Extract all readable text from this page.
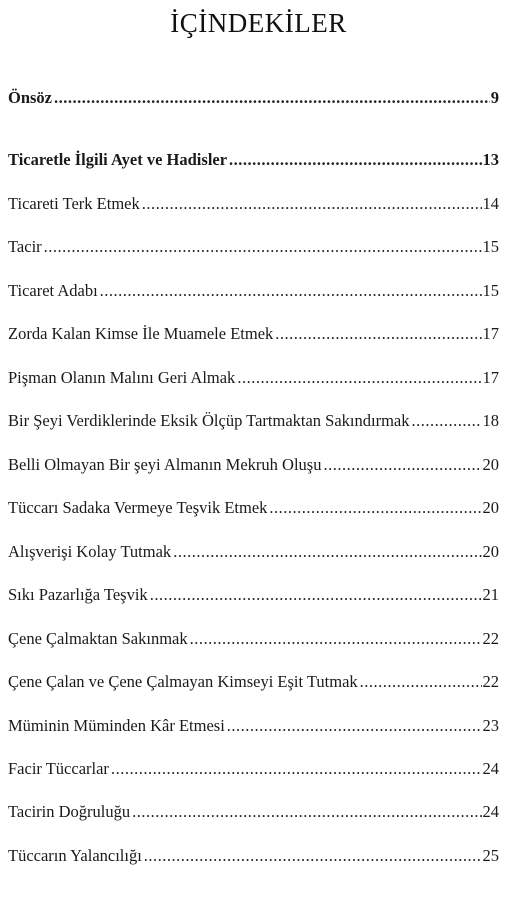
İÇİNDEKİLER
Önsöz .....	9
Ticaretle İlgili Ayet ve Hadisler .....	13
Ticareti Terk Etmek .....	14
Tacir .....	15
Ticaret Adabı .....	15
Zorda Kalan Kimse İle Muamele Etmek .....	17
Pişman Olanın Malını Geri Almak .....	17
Bir Şeyi Verdiklerinde Eksik Ölçüp Tartmaktan Sakındırmak .....	18
Belli Olmayan Bir şeyi Almanın Mekruh Oluşu .....	20
Tüccarı Sadaka Vermeye Teşvik Etmek .....	20
Alışverişi Kolay Tutmak .....	20
Sıkı Pazarlığa Teşvik .....	21
Çene Çalmaktan Sakınmak .....	22
Çene Çalan ve Çene Çalmayan Kimseyi Eşit Tutmak .....	22
Müminin Müminden Kâr Etmesi .....	23
Facir Tüccarlar .....	24
Tacirin Doğruluğu .....	24
Tüccarın Yalancılığı .....	25
